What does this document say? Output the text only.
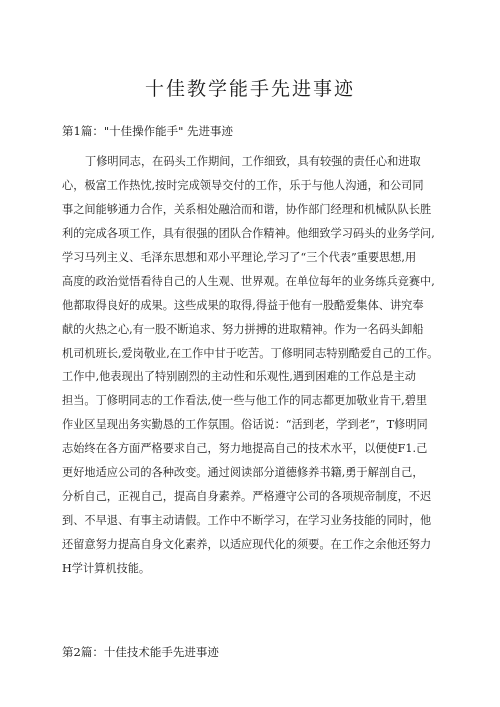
十佳教学能手先进事迹
第1篇："十佳操作能手" 先进事迹
丁修明同志，在码头工作期间，工作细致，具有较强的责任心和进取
心，极富工作热忱,按时完成领导交付的工作，乐于与他人沟通，和公司同
事之间能够通力合作，关系相处融洽而和谐，协作部门经理和机械队队长胜
利的完成各项工作，具有很强的团队合作精神。他细致学习码头的业务学问,
学习马列主义、毛泽东思想和邓小平理论,学习了“三个代表”重要思想,用
高度的政治觉悟看待自己的人生观、世界观。在单位每年的业务练兵竞赛中,
他都取得良好的成果。这些成果的取得,得益于他有一股酷爱集体、讲究奉
献的火热之心,有一股不断追求、努力拼搏的进取精神。作为一名码头卸船
机司机班长,爱岗敬业,在工作中甘于吃苦。丁修明同志特别酷爱自己的工作。
工作中,他表现出了特别剧烈的主动性和乐观性,遇到困难的工作总是主动
担当。丁修明同志的工作看法,使一些与他工作的同志都更加敬业肯干,碧里
作业区呈现出务实勤恳的工作氛围。俗话说：“活到老，学到老”，T修明同
志始终在各方面严格要求自己，努力地提高自己的技术水平，以便使F1.己
更好地适应公司的各种改变。通过阅读部分道德修养书籍,勇于解剖自己，
分析自己，正视自己，提高自身素养。严格遵守公司的各项规帝制度，不迟
到、不早退、有事主动请假。工作中不断学习，在学习业务技能的同时，他
还留意努力提高自身文化素养，以适应现代化的须要。在工作之余他还努力
H学计算机技能。
第2篇：十佳技术能手先进事迹
